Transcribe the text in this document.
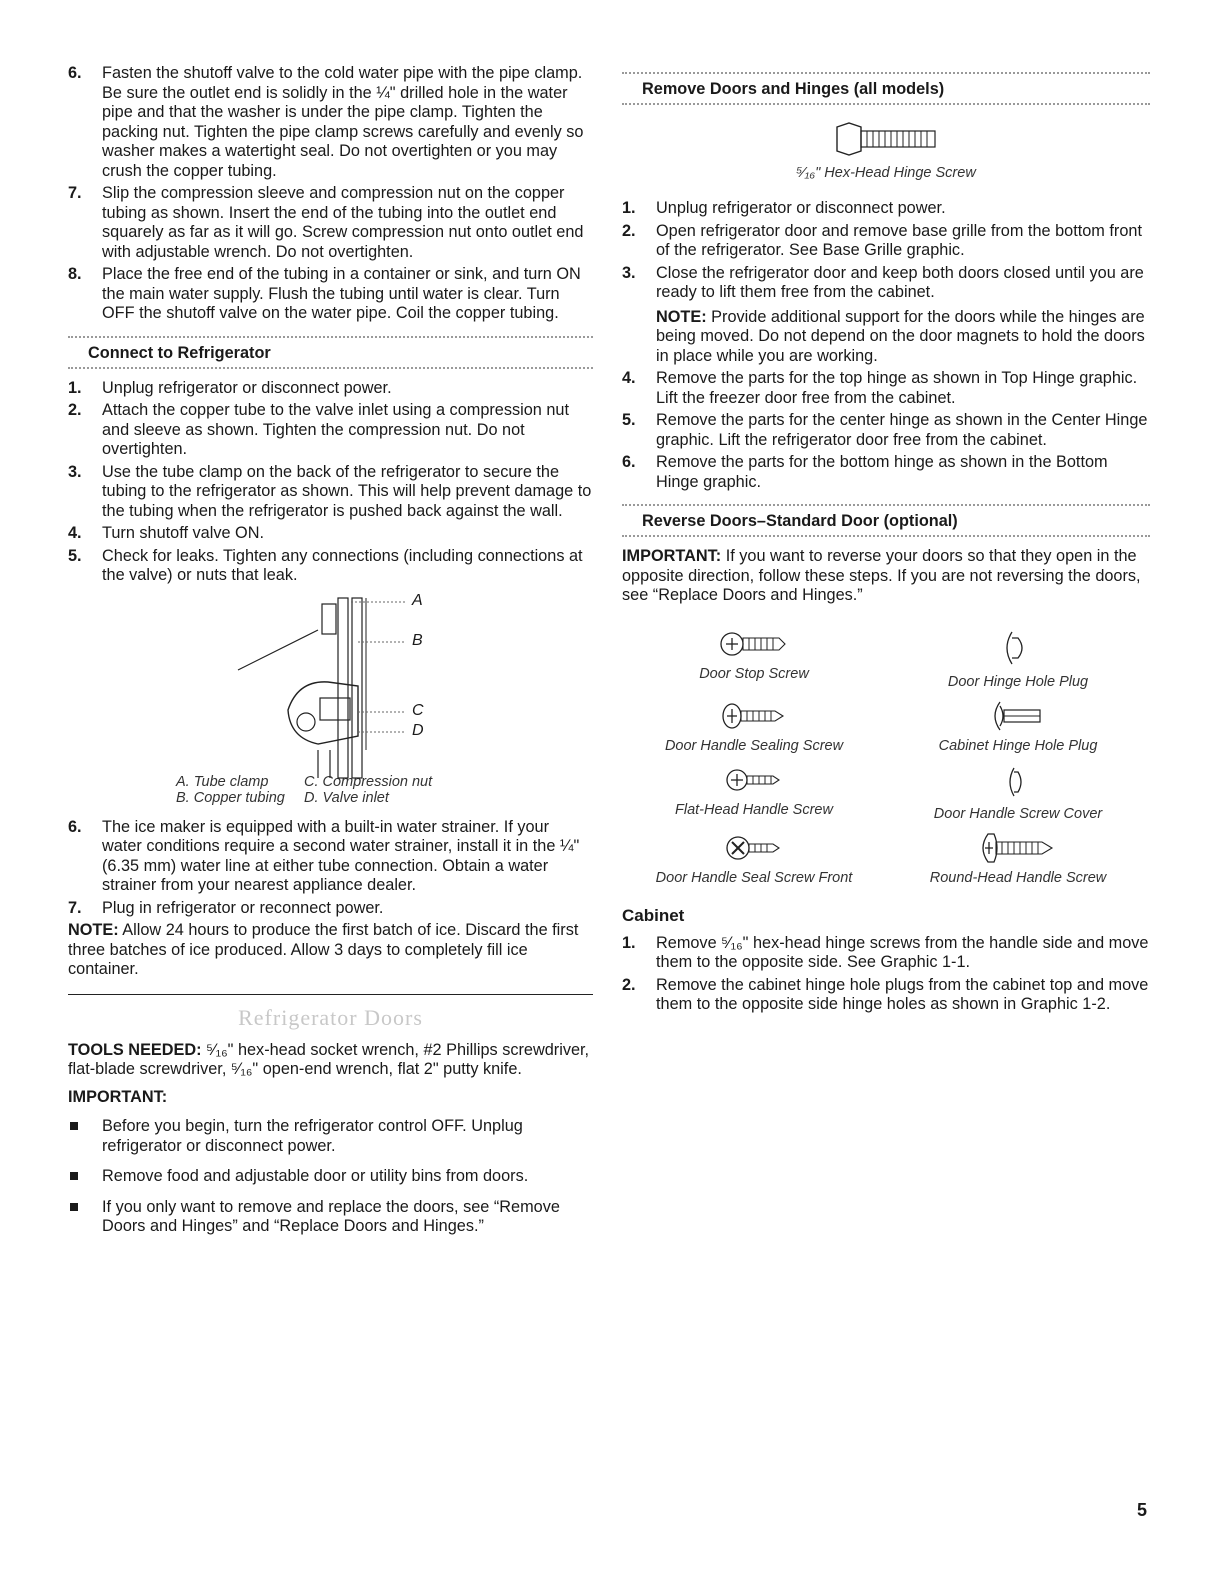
6. Fasten the shutoff valve to the cold water pipe with the pipe clamp. Be sure the outlet end is solidly in the ¼" drilled hole in the water pipe and that the washer is under the pipe clamp. Tighten the packing nut. Tighten the pipe clamp screws carefully and evenly so washer makes a watertight seal. Do not overtighten or you may crush the copper tubing.
7. Slip the compression sleeve and compression nut on the copper tubing as shown. Insert the end of the tubing into the outlet end squarely as far as it will go. Screw compression nut onto outlet end with adjustable wrench. Do not overtighten.
8. Place the free end of the tubing in a container or sink, and turn ON the main water supply. Flush the tubing until water is clear. Turn OFF the shutoff valve on the water pipe. Coil the copper tubing.
Connect to Refrigerator
1. Unplug refrigerator or disconnect power.
2. Attach the copper tube to the valve inlet using a compression nut and sleeve as shown. Tighten the compression nut. Do not overtighten.
3. Use the tube clamp on the back of the refrigerator to secure the tubing to the refrigerator as shown. This will help prevent damage to the tubing when the refrigerator is pushed back against the wall.
4. Turn shutoff valve ON.
5. Check for leaks. Tighten any connections (including connections at the valve) or nuts that leak.
A
B
C
D
A. Tube clamp	C. Compression nut
B. Copper tubing	D. Valve inlet
6. The ice maker is equipped with a built-in water strainer. If your water conditions require a second water strainer, install it in the ¼" (6.35 mm) water line at either tube connection. Obtain a water strainer from your nearest appliance dealer.
7. Plug in refrigerator or reconnect power.

NOTE: Allow 24 hours to produce the first batch of ice. Discard the first three batches of ice produced. Allow 3 days to completely fill ice container.

Refrigerator Doors

TOOLS NEEDED: ⁵⁄₁₆" hex-head socket wrench, #2 Phillips screwdriver, flat-blade screwdriver, ⁵⁄₁₆" open-end wrench, flat 2" putty knife.

IMPORTANT:

Before you begin, turn the refrigerator control OFF. Unplug refrigerator or disconnect power.
Remove food and adjustable door or utility bins from doors.
If you only want to remove and replace the doors, see “Remove Doors and Hinges” and “Replace Doors and Hinges.”
Remove Doors and Hinges (all models)
⁵⁄₁₆" Hex-Head Hinge Screw
1. Unplug refrigerator or disconnect power.
2. Open refrigerator door and remove base grille from the bottom front of the refrigerator. See Base Grille graphic.
3. Close the refrigerator door and keep both doors closed until you are ready to lift them free from the cabinet.

NOTE: Provide additional support for the doors while the hinges are being moved. Do not depend on the door magnets to hold the doors in place while you are working.

4. Remove the parts for the top hinge as shown in Top Hinge graphic. Lift the freezer door free from the cabinet.
5. Remove the parts for the center hinge as shown in the Center Hinge graphic. Lift the refrigerator door free from the cabinet.
6. Remove the parts for the bottom hinge as shown in the Bottom Hinge graphic.
Reverse Doors–Standard Door (optional)

IMPORTANT: If you want to reverse your doors so that they open in the opposite direction, follow these steps. If you are not reversing the doors, see “Replace Doors and Hinges.”

Door Stop Screw	Door Hinge Hole Plug
Door Handle Sealing Screw	Cabinet Hinge Hole Plug
Flat-Head Handle Screw	Door Handle Screw Cover
Door Handle Seal Screw Front	Round-Head Handle Screw
Cabinet
1. Remove ⁵⁄₁₆" hex-head hinge screws from the handle side and move them to the opposite side. See Graphic 1-1.
2. Remove the cabinet hinge hole plugs from the cabinet top and move them to the opposite side hinge holes as shown in Graphic 1-2.
5
